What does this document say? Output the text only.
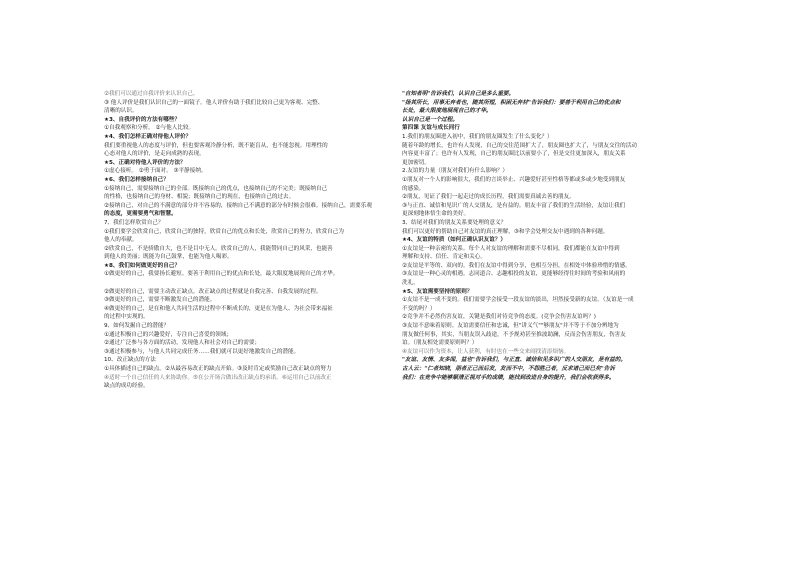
②我们可以通过自我评价来认识自己。

③ 他人评价是我们认识自己的一面镜子。他人评价有助于我们比较自己更为客观、完整、

清晰的认识。

★3、自我评价的方法有哪些？

①自我观察和分析。 ②与他人比较。

★4、我们怎样正确对待他人评价？

我们要重视他人的态度与评价，但也要客观冷静分析，既不能盲从，也不能忽视。用理性的

心态对他人的评价，是走向成熟的表现。

★5、正确对待他人评价的方法？

①虚心接听。 ②勇于面对。 ③平静接纳。

★6、我们怎样接纳自己？

①接纳自己，需要接纳自己的全部。既接纳自己的优点，也接纳自己的不完美；既接纳自己

的性格，也接纳自己的身材、相貌；既接纳自己的现在，也接纳自己的过去。

②接纳自己，对自己的不满意的部分并不容易的，接纳自己不满意的部分有时候会很难。接纳自己，需要乐观

的态度，更需要勇气和智慧。

7、我们怎样欣赏自己？

①我们要学会欣赏自己，欣赏自己的独特，欣赏自己的优点和长处，欣赏自己的努力，欣赏自己为

他人的奉献。

②欣赏自己，不是骄傲自大，也不是目中无人。欣赏自己的人，我能赞同自己的风采，也能善

到他人的美丽；既能为自己鼓掌，也能为他人喝彩。

★8、我们如何做更好的自己？

①做更好的自己，我要扬长避短。要善于利用自己的优点和长处，最大限度地展现自己的才华。

②做更好的自己，需要主动改正缺点。改正缺点的过程就是自我完善、自我发展的过程。

③做更好的自己，需要不断激发自己的潜能。

④做更好的自己，是在和他人共同生活的过程中不断成长的，更是在为他人、为社会带来福祉

的过程中实现的。

9、如何发掘自己的潜能？

①通过积极自己的兴趣爱好，专注自己喜爱的领域；

②通过广泛参与各方面的活动，发现他人和社会对自己的需要；

③通过积极参与，与他人共同完成任务……我们就可以更好地激发自己的潜能。

10、改正缺点的方法

①具体描述自己的缺点。②从最容易改正的缺点开始。③及时肯定或奖励自己改正缺点的努力

④适时一个自己信任的人来协助你。⑤在公开场合做出改正缺点的承诺。⑥运用自己以前改正

缺点的成功经验。

"自知者明"告诉我们，认识自己是多么重要。

"扬其所长，用事无弃者也，随其所短，积困无弃材"告诉我们：要善于利用自己的优点和

长处，最大限度地展现自己的才华。

认识自己是一个过程。

第四课 友谊与成长同行

1.我们的朋友圈进入初中，我们的朋友圈发生了什么变化？）

随着年龄的增长，也许有人发现，自己的交往范围扩大了，朋友圈也扩大了，与朋友交往的活动

内容更丰富了；也许有人发现，自己的朋友圈比以前要小了，但是交往更加深入，朋友关系

更加密切。

2.友谊的力量（朋友对我们有什么影响？）

①朋友对一个人的影响很大，我们的言谈举止、兴趣爱好甚至性格等都或多或少地受到朋友

的感染。

②朋友，见证了我们一起走过的成长历程，我们需要真诚去善的朋友。

③与正直、诚信和见识广的人交朋友，是有益的。朋友丰富了我们的生活经验，友谊让我们

更深刻地体悟生命的美好。

3、结尾对我们的朋友关系要处理的意义？

我们可以更好的帮助自己对友谊的真正理解，③和学会处理交友中遇到的各种问题。

★4、友谊的特质（如何正确认识友谊？）

①友谊是一种亲密的关系。每个人对友谊的理解和需要不尽相同，我们都能在友谊中得到

理解和支持、信任、肯定和关心。

②友谊是平等的、双向的。我们在友谊中得到分享，也相互分担，在相处中体验珍惜的情感。

③友谊是一种心灵的相遇。志同道合、志趣相投的友谊，更能够经得住时间的考验和风雨的

洗礼。

★5、友谊需要坚持的原则？

①友谊不是一成不变的。我们需要学会接受一段友谊的淡出，坦然接受新的友谊。（友谊是一成

不变的吗？）

②竞争并不必然伤害友谊，关键是我们对待竞争的态度。(竞争会伤害友谊吗？)

③友谊不意味着原则。友谊需要信任和忠诚，但"讲义气""够朋友"并不等于不加分辨地为

朋友做任何事，其实，当朋友误入歧途，不予规劝甚至推波助澜，反而会伤害朋友，伤害友

谊。（朋友相处需要原则吗？）

④友谊可以作为资本，让人获利，有时也在一些交来闹找清添烦恼。

"友谊、友情、友多闻，益也"告诉我们，与正直、诚信和见多识广的人交朋友，是有益的。

古人云："仁者知晓，朋者正己而后发，发而不中，不怨胜己者，反求诸己而已矣"告诉

我们：在竞争中能够顺清正视对手的成绩，能找到改进自身的提升，我们会收获得多。
